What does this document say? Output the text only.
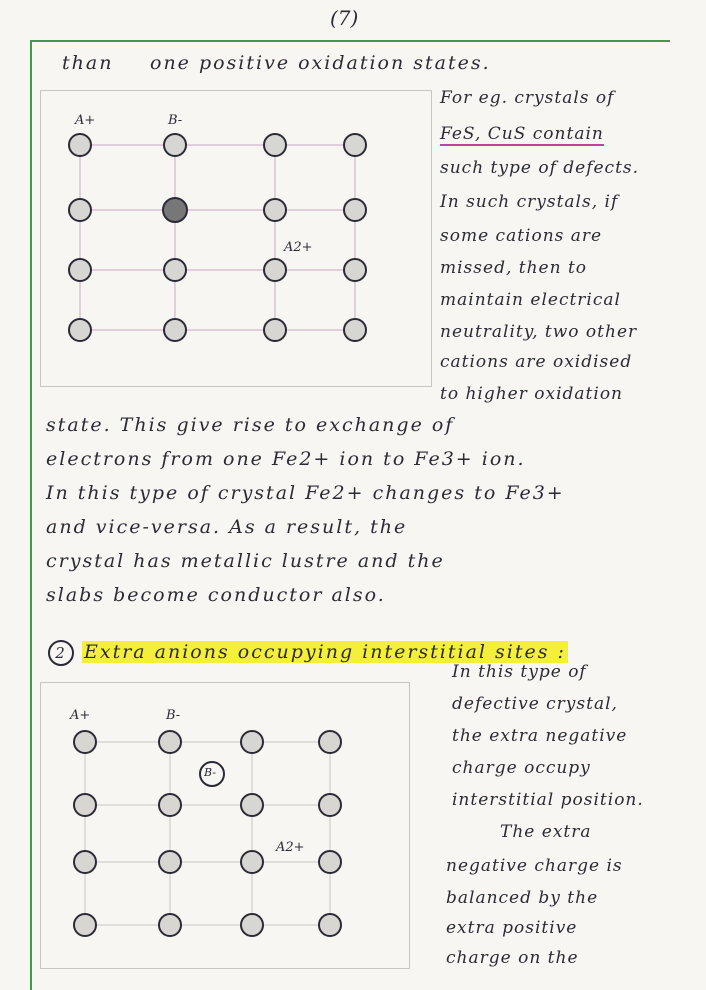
(7)
than one positive oxidation states.
A+	B-
A2+
For eg. crystals of
FeS, CuS contain
such type of defects.
In such crystals, if
some cations are
missed, then to
maintain electrical
neutrality, two other
cations are oxidised
to higher oxidation
state. This give rise to exchange of
electrons from one Fe2+ ion to Fe3+ ion.
In this type of crystal Fe2+ changes to Fe3+
and vice-versa. As a result, the
crystal has metallic lustre and the
slabs become conductor also.
2 Extra anions occupying interstitial sites :
A+	B-
A2+
B-
In this type of
defective crystal,
the extra negative
charge occupy
interstitial position.
The extra
negative charge is
balanced by the
extra positive
charge on the
